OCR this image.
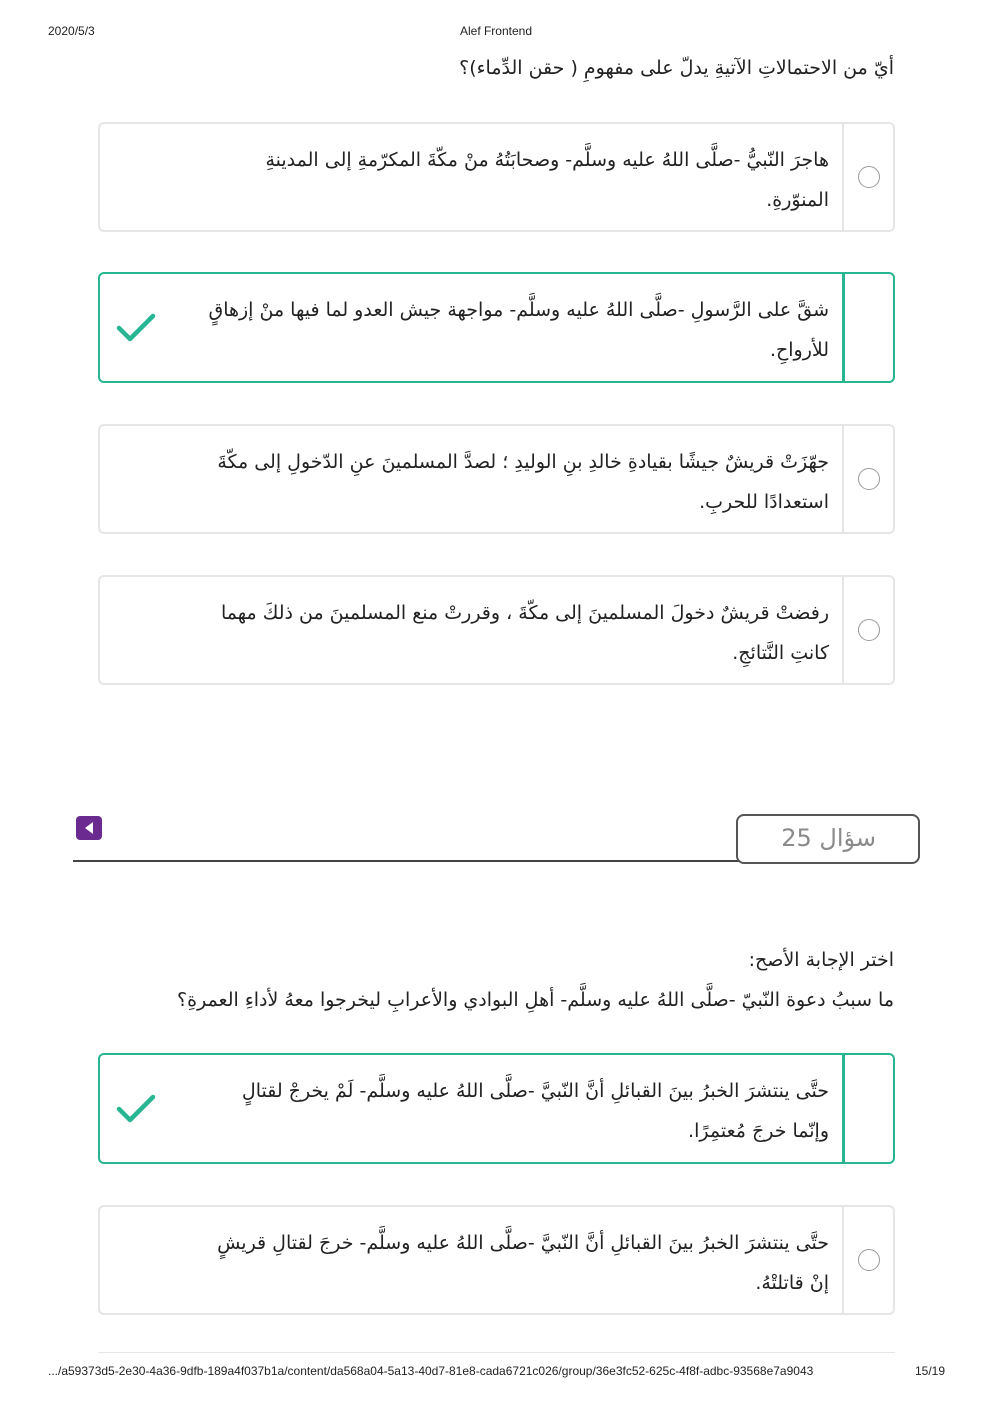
2020/5/3	Alef Frontend
أيّ من الاحتمالاتِ الآتيةِ يدلّ على مفهومِ ( حقن الدِّماء)؟
هاجرَ النّبيُّ -صلَّى اللهُ عليه وسلَّم- وصحابَتُهُ منْ مكّةَ المكرّمةِ إلى المدينةِ
المنوّرةِ.
شقَّ على الرَّسولِ -صلَّى اللهُ عليه وسلَّم- مواجهة جيش العدو لما فيها منْ إزهاقٍ
للأرواحِ.
جهّزَتْ قريشٌ جيشًا بقيادةِ خالدِ بنِ الوليدِ ؛ لصدَّ المسلمينَ عنِ الدّخولِ إلى مكّةَ
استعدادًا للحربِ.
رفضتْ قريشٌ دخولَ المسلمينَ إلى مكّةَ ، وقررتْ منع المسلمينَ من ذلكَ مهما
كانتِ النَّتائجِ.
سؤال 25
اختر الإجابة الأصح:
ما سببُ دعوة النّبيّ -صلَّى اللهُ عليه وسلَّم- أهلِ البوادي والأعرابِ ليخرجوا معهُ لأداءِ العمرةِ؟
حتَّى ينتشرَ الخبرُ بينَ القبائلِ أنَّ النّبيَّ -صلَّى اللهُ عليه وسلَّم- لَمْ يخرجْ لقتالٍ
وإنّما خرجَ مُعتمِرًا.
حتَّى ينتشرَ الخبرُ بينَ القبائلِ أنَّ النّبيَّ -صلَّى اللهُ عليه وسلَّم- خرجَ لقتالِ قريشٍ
إنْ قاتلتْهُ.
.../a59373d5-2e30-4a36-9dfb-189a4f037b1a/content/da568a04-5a13-40d7-81e8-cada6721c026/group/36e3fc52-625c-4f8f-adbc-93568e7a9043	15/19
